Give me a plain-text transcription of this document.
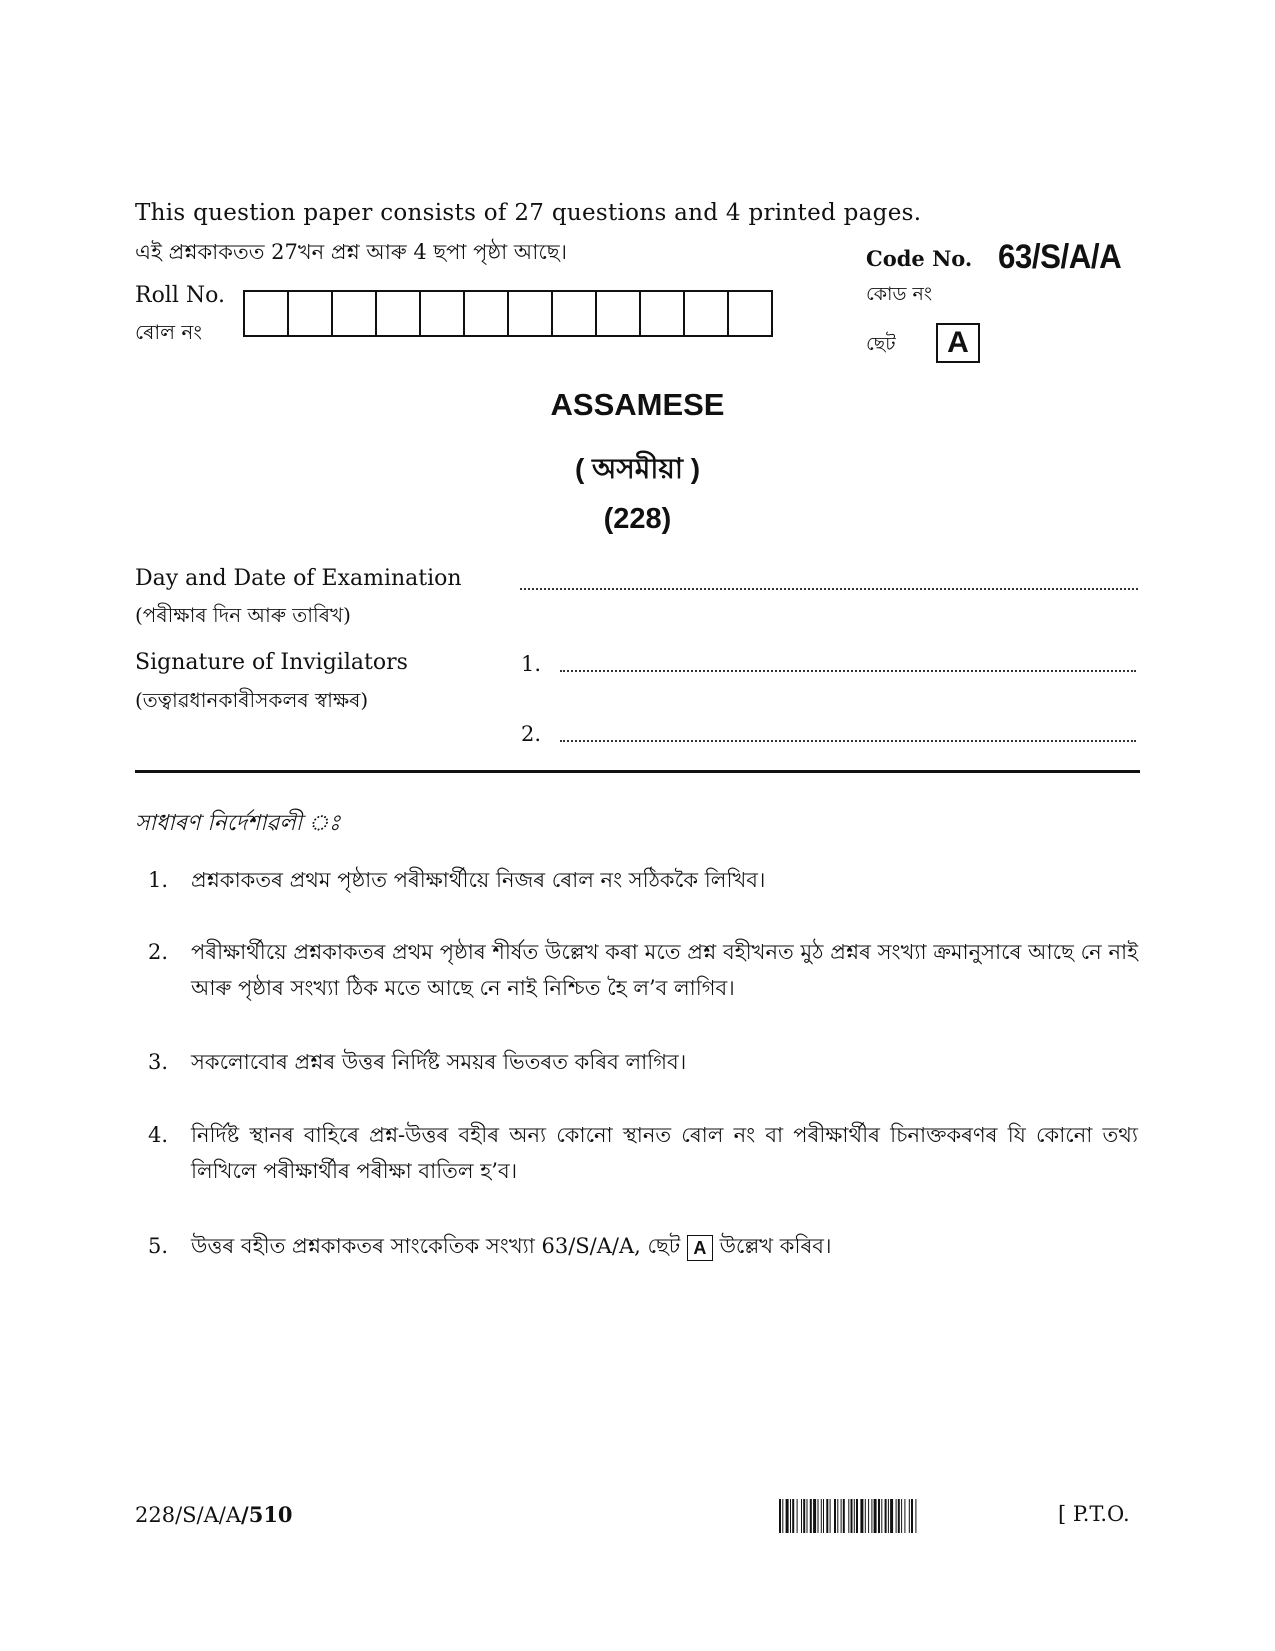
This question paper consists of 27 questions and 4 printed pages.
এই প্ৰশ্নকাকতত 27খন প্ৰশ্ন আৰু 4 ছপা পৃষ্ঠা আছে।	Code No. 63/S/A/A
কোড নং
ছেট	A
Roll No.
ৰোল নং
ASSAMESE
( অসমীয়া )
(228)
Day and Date of Examination
(পৰীক্ষাৰ দিন আৰু তাৰিখ)
Signature of Invigilators
(তত্বাৱধানকাৰীসকলৰ স্বাক্ষৰ)
1.
2.
সাধাৰণ নিৰ্দেশাৱলী ঃ
1.	প্ৰশ্নকাকতৰ প্ৰথম পৃষ্ঠাত পৰীক্ষাৰ্থীয়ে নিজৰ ৰোল নং সঠিককৈ লিখিব।
2.	পৰীক্ষাৰ্থীয়ে প্ৰশ্নকাকতৰ প্ৰথম পৃষ্ঠাৰ শীৰ্ষত উল্লেখ কৰা মতে প্ৰশ্ন বহীখনত মুঠ প্ৰশ্নৰ সংখ্যা ক্ৰমানুসাৰে আছে নে নাই আৰু পৃষ্ঠাৰ সংখ্যা ঠিক মতে আছে নে নাই নিশ্চিত হৈ ল’ব লাগিব।
3.	সকলোবোৰ প্ৰশ্নৰ উত্তৰ নিৰ্দিষ্ট সময়ৰ ভিতৰত কৰিব লাগিব।
4.	নিৰ্দিষ্ট স্থানৰ বাহিৰে প্ৰশ্ন-উত্তৰ বহীৰ অন্য কোনো স্থানত ৰোল নং বা পৰীক্ষাৰ্থীৰ চিনাক্তকৰণৰ যি কোনো তথ্য লিখিলে পৰীক্ষাৰ্থীৰ পৰীক্ষা বাতিল হ’ব।
5.	উত্তৰ বহীত প্ৰশ্নকাকতৰ সাংকেতিক সংখ্যা 63/S/A/A, ছেট A উল্লেখ কৰিব।
228/S/A/A/510	[ P.T.O.
